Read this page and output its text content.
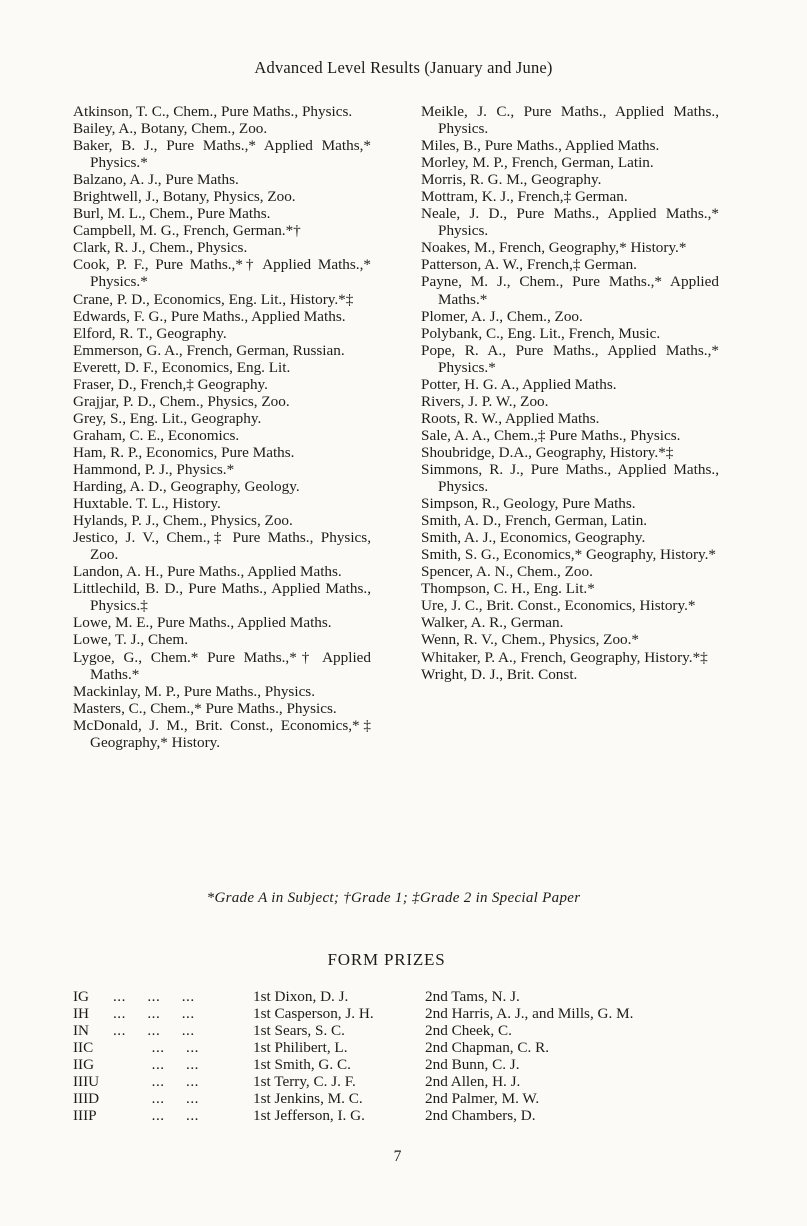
Advanced Level Results (January and June)
Atkinson, T. C., Chem., Pure Maths., Physics.
Bailey, A., Botany, Chem., Zoo.
Baker, B. J., Pure Maths.,* Applied Maths,* Physics.*
Balzano, A. J., Pure Maths.
Brightwell, J., Botany, Physics, Zoo.
Burl, M. L., Chem., Pure Maths.
Campbell, M. G., French, German.*†
Clark, R. J., Chem., Physics.
Cook, P. F., Pure Maths.,*† Applied Maths.,* Physics.*
Crane, P. D., Economics, Eng. Lit., History.*‡
Edwards, F. G., Pure Maths., Applied Maths.
Elford, R. T., Geography.
Emmerson, G. A., French, German, Russian.
Everett, D. F., Economics, Eng. Lit.
Fraser, D., French,‡ Geography.
Grajjar, P. D., Chem., Physics, Zoo.
Grey, S., Eng. Lit., Geography.
Graham, C. E., Economics.
Ham, R. P., Economics, Pure Maths.
Hammond, P. J., Physics.*
Harding, A. D., Geography, Geology.
Huxtable. T. L., History.
Hylands, P. J., Chem., Physics, Zoo.
Jestico, J. V., Chem.,‡ Pure Maths., Physics, Zoo.
Landon, A. H., Pure Maths., Applied Maths.
Littlechild, B. D., Pure Maths., Applied Maths., Physics.‡
Lowe, M. E., Pure Maths., Applied Maths.
Lowe, T. J., Chem.
Lygoe, G., Chem.* Pure Maths.,*† Applied Maths.*
Mackinlay, M. P., Pure Maths., Physics.
Masters, C., Chem.,* Pure Maths., Physics.
McDonald, J. M., Brit. Const., Economics,*‡ Geography,* History.
Meikle, J. C., Pure Maths., Applied Maths., Physics.
Miles, B., Pure Maths., Applied Maths.
Morley, M. P., French, German, Latin.
Morris, R. G. M., Geography.
Mottram, K. J., French,‡ German.
Neale, J. D., Pure Maths., Applied Maths.,* Physics.
Noakes, M., French, Geography,* History.*
Patterson, A. W., French,‡ German.
Payne, M. J., Chem., Pure Maths.,* Applied Maths.*
Plomer, A. J., Chem., Zoo.
Polybank, C., Eng. Lit., French, Music.
Pope, R. A., Pure Maths., Applied Maths.,* Physics.*
Potter, H. G. A., Applied Maths.
Rivers, J. P. W., Zoo.
Roots, R. W., Applied Maths.
Sale, A. A., Chem.,‡ Pure Maths., Physics.
Shoubridge, D.A., Geography, History.*‡
Simmons, R. J., Pure Maths., Applied Maths., Physics.
Simpson, R., Geology, Pure Maths.
Smith, A. D., French, German, Latin.
Smith, A. J., Economics, Geography.
Smith, S. G., Economics,* Geography, History.*
Spencer, A. N., Chem., Zoo.
Thompson, C. H., Eng. Lit.*
Ure, J. C., Brit. Const., Economics, History.*
Walker, A. R., German.
Wenn, R. V., Chem., Physics, Zoo.*
Whitaker, P. A., French, Geography, History.*‡
Wright, D. J., Brit. Const.
*Grade A in Subject; †Grade 1; ‡Grade 2 in Special Paper
FORM PRIZES
IG ...     ...     ...	1st Dixon, D. J.	2nd Tams, N. J.
IH ...     ...     ...	1st Casperson, J. H.	2nd Harris, A. J., and Mills, G. M.
IN ...     ...     ...	1st Sears, S. C.	2nd Cheek, C.
IIC ...     ...	1st Philibert, L.	2nd Chapman, C. R.
IIG ...     ...	1st Smith, G. C.	2nd Bunn, C. J.
IIIU ...     ...	1st Terry, C. J. F.	2nd Allen, H. J.
IIID ...     ...	1st Jenkins, M. C.	2nd Palmer, M. W.
IIIP ...     ...	1st Jefferson, I. G.	2nd Chambers, D.
7
